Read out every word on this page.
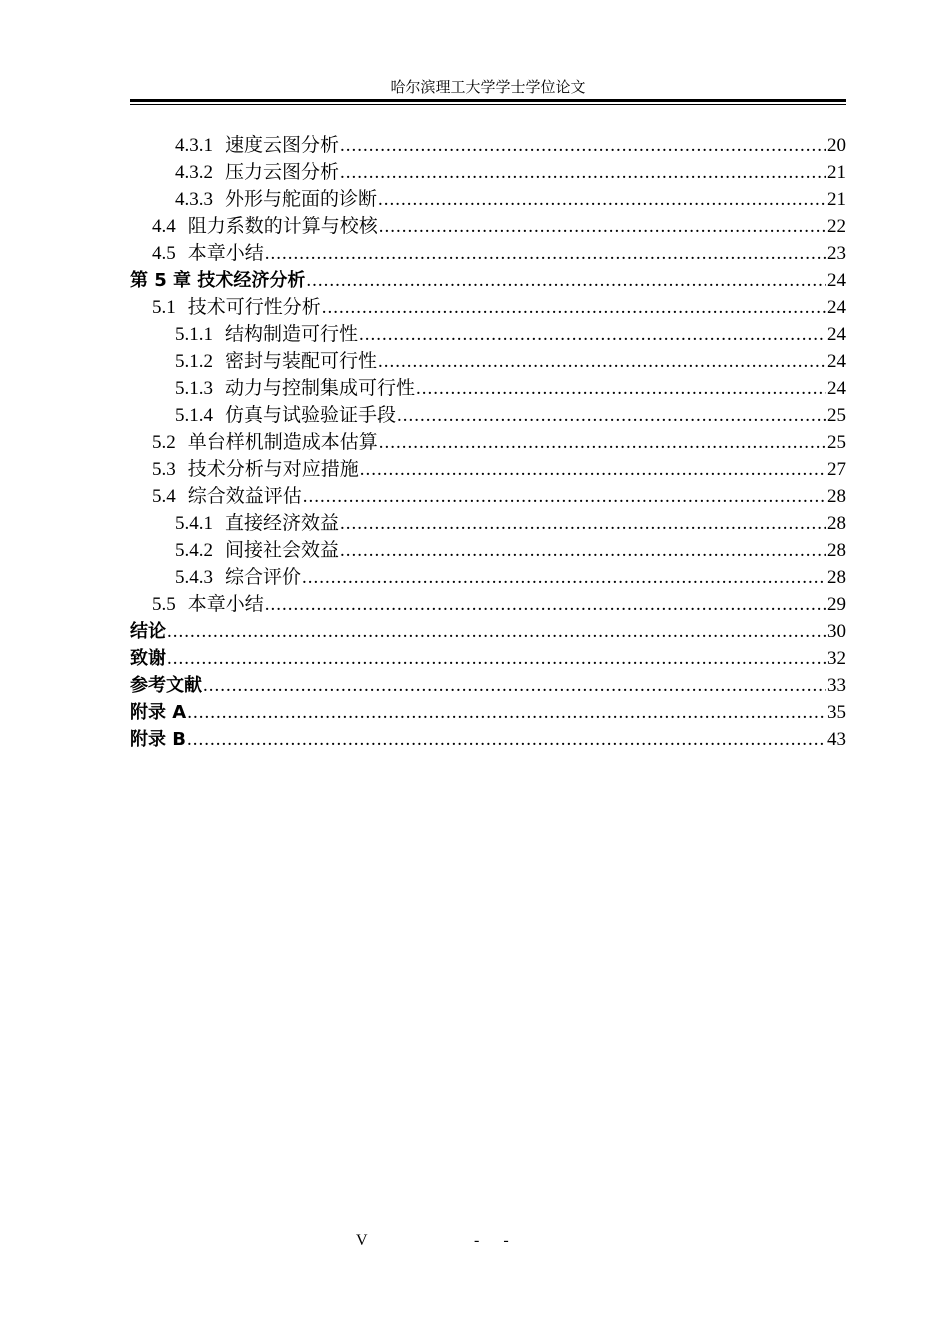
哈尔滨理工大学学士学位论文
4.3.1 速度云图分析 .....	20
4.3.2 压力云图分析 .....	21
4.3.3 外形与舵面的诊断 .....	21
4.4 阻力系数的计算与校核 .....	22
4.5 本章小结 .....	23
第 5 章 技术经济分析 .....	24
5.1 技术可行性分析 .....	24
5.1.1 结构制造可行性 .....	24
5.1.2 密封与装配可行性 .....	24
5.1.3 动力与控制集成可行性 .....	24
5.1.4 仿真与试验验证手段 .....	25
5.2 单台样机制造成本估算 .....	25
5.3 技术分析与对应措施 .....	27
5.4 综合效益评估 .....	28
5.4.1 直接经济效益 .....	28
5.4.2 间接社会效益 .....	28
5.4.3 综合评价 .....	28
5.5 本章小结 .....	29
结论 .....	30
致谢 .....	32
参考文献 .....	33
附录 A .....	35
附录 B .....	43
V	- -
